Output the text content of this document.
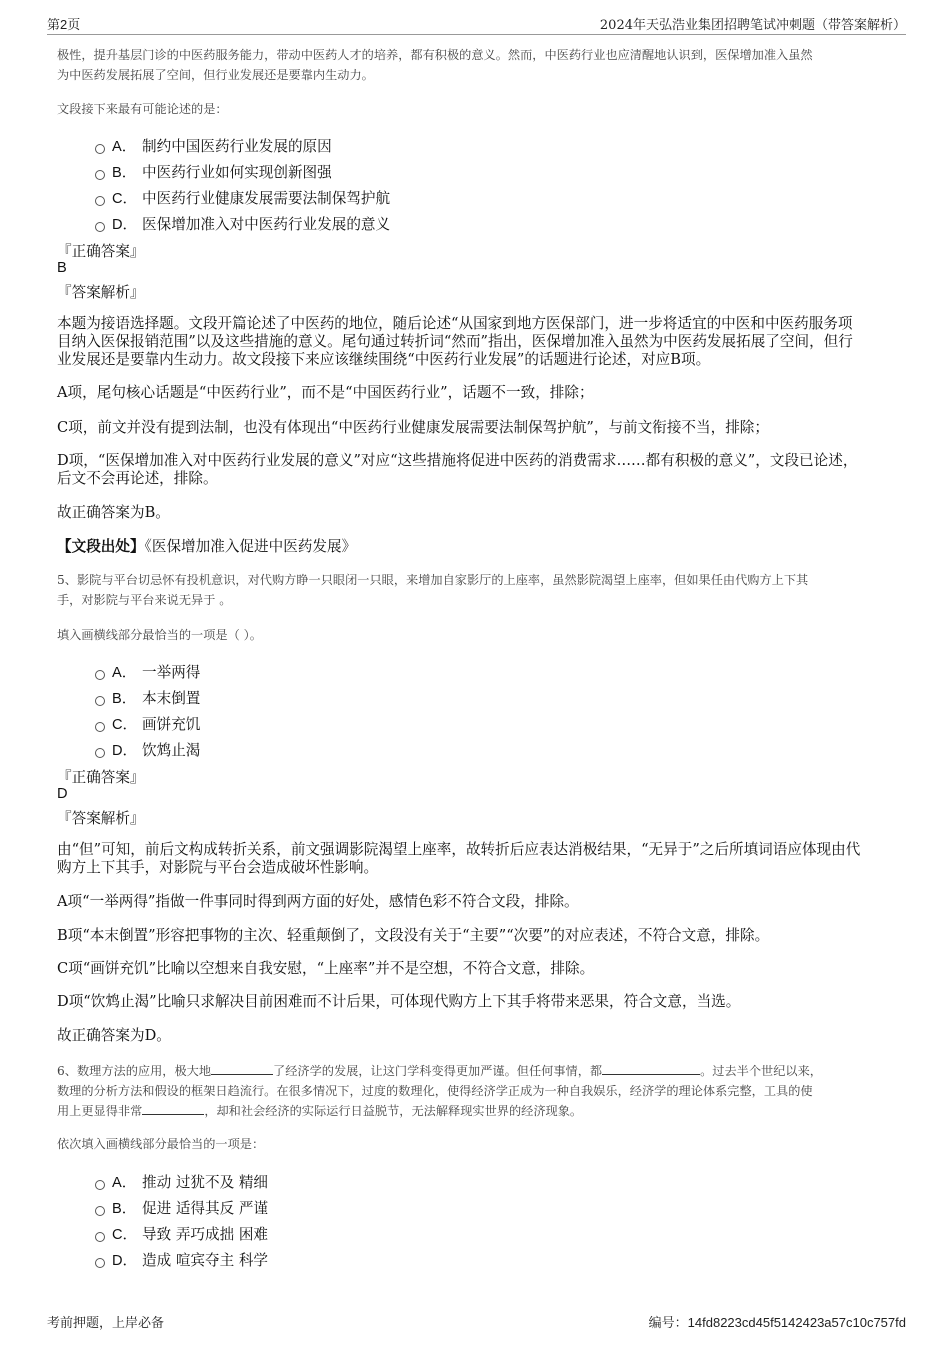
第2页	2024年天弘浩业集团招聘笔试冲刺题（带答案解析）
极性，提升基层门诊的中医药服务能力，带动中医药人才的培养，都有积极的意义。然而，中医药行业也应清醒地认识到，医保增加准入虽然
为中医药发展拓展了空间，但行业发展还是要靠内生动力。
文段接下来最有可能论述的是：
A． 制约中国医药行业发展的原因
B． 中医药行业如何实现创新图强
C． 中医药行业健康发展需要法制保驾护航
D． 医保增加准入对中医药行业发展的意义
『正确答案』
B
『答案解析』
本题为接语选择题。文段开篇论述了中医药的地位，随后论述“从国家到地方医保部门，进一步将适宜的中医和中医药服务项
目纳入医保报销范围”以及这些措施的意义。尾句通过转折词“然而”指出，医保增加准入虽然为中医药发展拓展了空间，但行
业发展还是要靠内生动力。故文段接下来应该继续围绕“中医药行业发展”的话题进行论述，对应B项。
A项，尾句核心话题是“中医药行业”，而不是“中国医药行业”，话题不一致，排除；
C项，前文并没有提到法制，也没有体现出“中医药行业健康发展需要法制保驾护航”，与前文衔接不当，排除；
D项，“医保增加准入对中医药行业发展的意义”对应“这些措施将促进中医药的消费需求……都有积极的意义”，文段已论述，
后文不会再论述，排除。
故正确答案为B。
【文段出处】《医保增加准入促进中医药发展》
5、影院与平台切忌怀有投机意识，对代购方睁一只眼闭一只眼，来增加自家影厅的上座率，虽然影院渴望上座率，但如果任由代购方上下其
手，对影院与平台来说无异于 。
填入画横线部分最恰当的一项是（ ）。
A． 一举两得
B． 本末倒置
C． 画饼充饥
D． 饮鸩止渴
『正确答案』
D
『答案解析』
由“但”可知，前后文构成转折关系，前文强调影院渴望上座率，故转折后应表达消极结果，“无异于”之后所填词语应体现由代
购方上下其手，对影院与平台会造成破坏性影响。
A项“一举两得”指做一件事同时得到两方面的好处，感情色彩不符合文段，排除。
B项“本末倒置”形容把事物的主次、轻重颠倒了，文段没有关于“主要”“次要”的对应表述，不符合文意，排除。
C项“画饼充饥”比喻以空想来自我安慰，“上座率”并不是空想，不符合文意，排除。
D项“饮鸩止渴”比喻只求解决目前困难而不计后果，可体现代购方上下其手将带来恶果，符合文意，当选。
故正确答案为D。
6、数理方法的应用，极大地	了经济学的发展，让这门学科变得更加严谨。但任何事情，都	。过去半个世纪以来，
数理的分析方法和假设的框架日趋流行。在很多情况下，过度的数理化，使得经济学正成为一种自我娱乐，经济学的理论体系完整，工具的使
用上更显得非常	，却和社会经济的实际运行日益脱节，无法解释现实世界的经济现象。
依次填入画横线部分最恰当的一项是：
A． 推动 过犹不及 精细
B． 促进 适得其反 严谨
C． 导致 弄巧成拙 困难
D． 造成 喧宾夺主 科学
考前押题，上岸必备	编号：14fd8223cd45f5142423a57c10c757fd
